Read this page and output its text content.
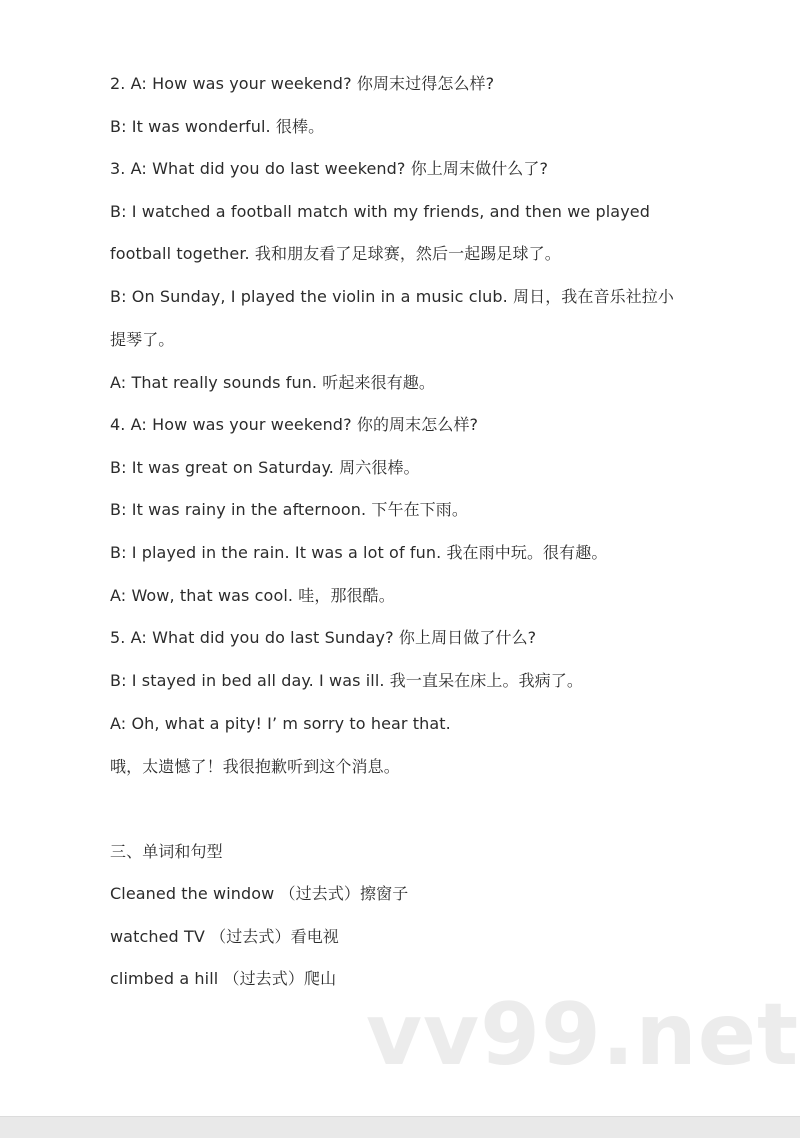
2. A: How was your weekend? 你周末过得怎么样?
B: It was wonderful. 很棒。
3. A: What did you do last weekend? 你上周末做什么了?
B: I watched a football match with my friends, and then we played
football together. 我和朋友看了足球赛，然后一起踢足球了。
B: On Sunday, I played the violin in a music club. 周日，我在音乐社拉小
提琴了。
A: That really sounds fun. 听起来很有趣。
4. A: How was your weekend? 你的周末怎么样?
B: It was great on Saturday. 周六很棒。
B: It was rainy in the afternoon. 下午在下雨。
B: I played in the rain. It was a lot of fun. 我在雨中玩。很有趣。
A: Wow, that was cool. 哇，那很酷。
5. A: What did you do last Sunday? 你上周日做了什么?
B: I stayed in bed all day. I was ill. 我一直呆在床上。我病了。
A: Oh, what a pity! I’ m sorry to hear that.
哦，太遗憾了！我很抱歉听到这个消息。
三、单词和句型
Cleaned the window （过去式）擦窗子
watched TV （过去式）看电视
climbed a hill （过去式）爬山
vv99.net
